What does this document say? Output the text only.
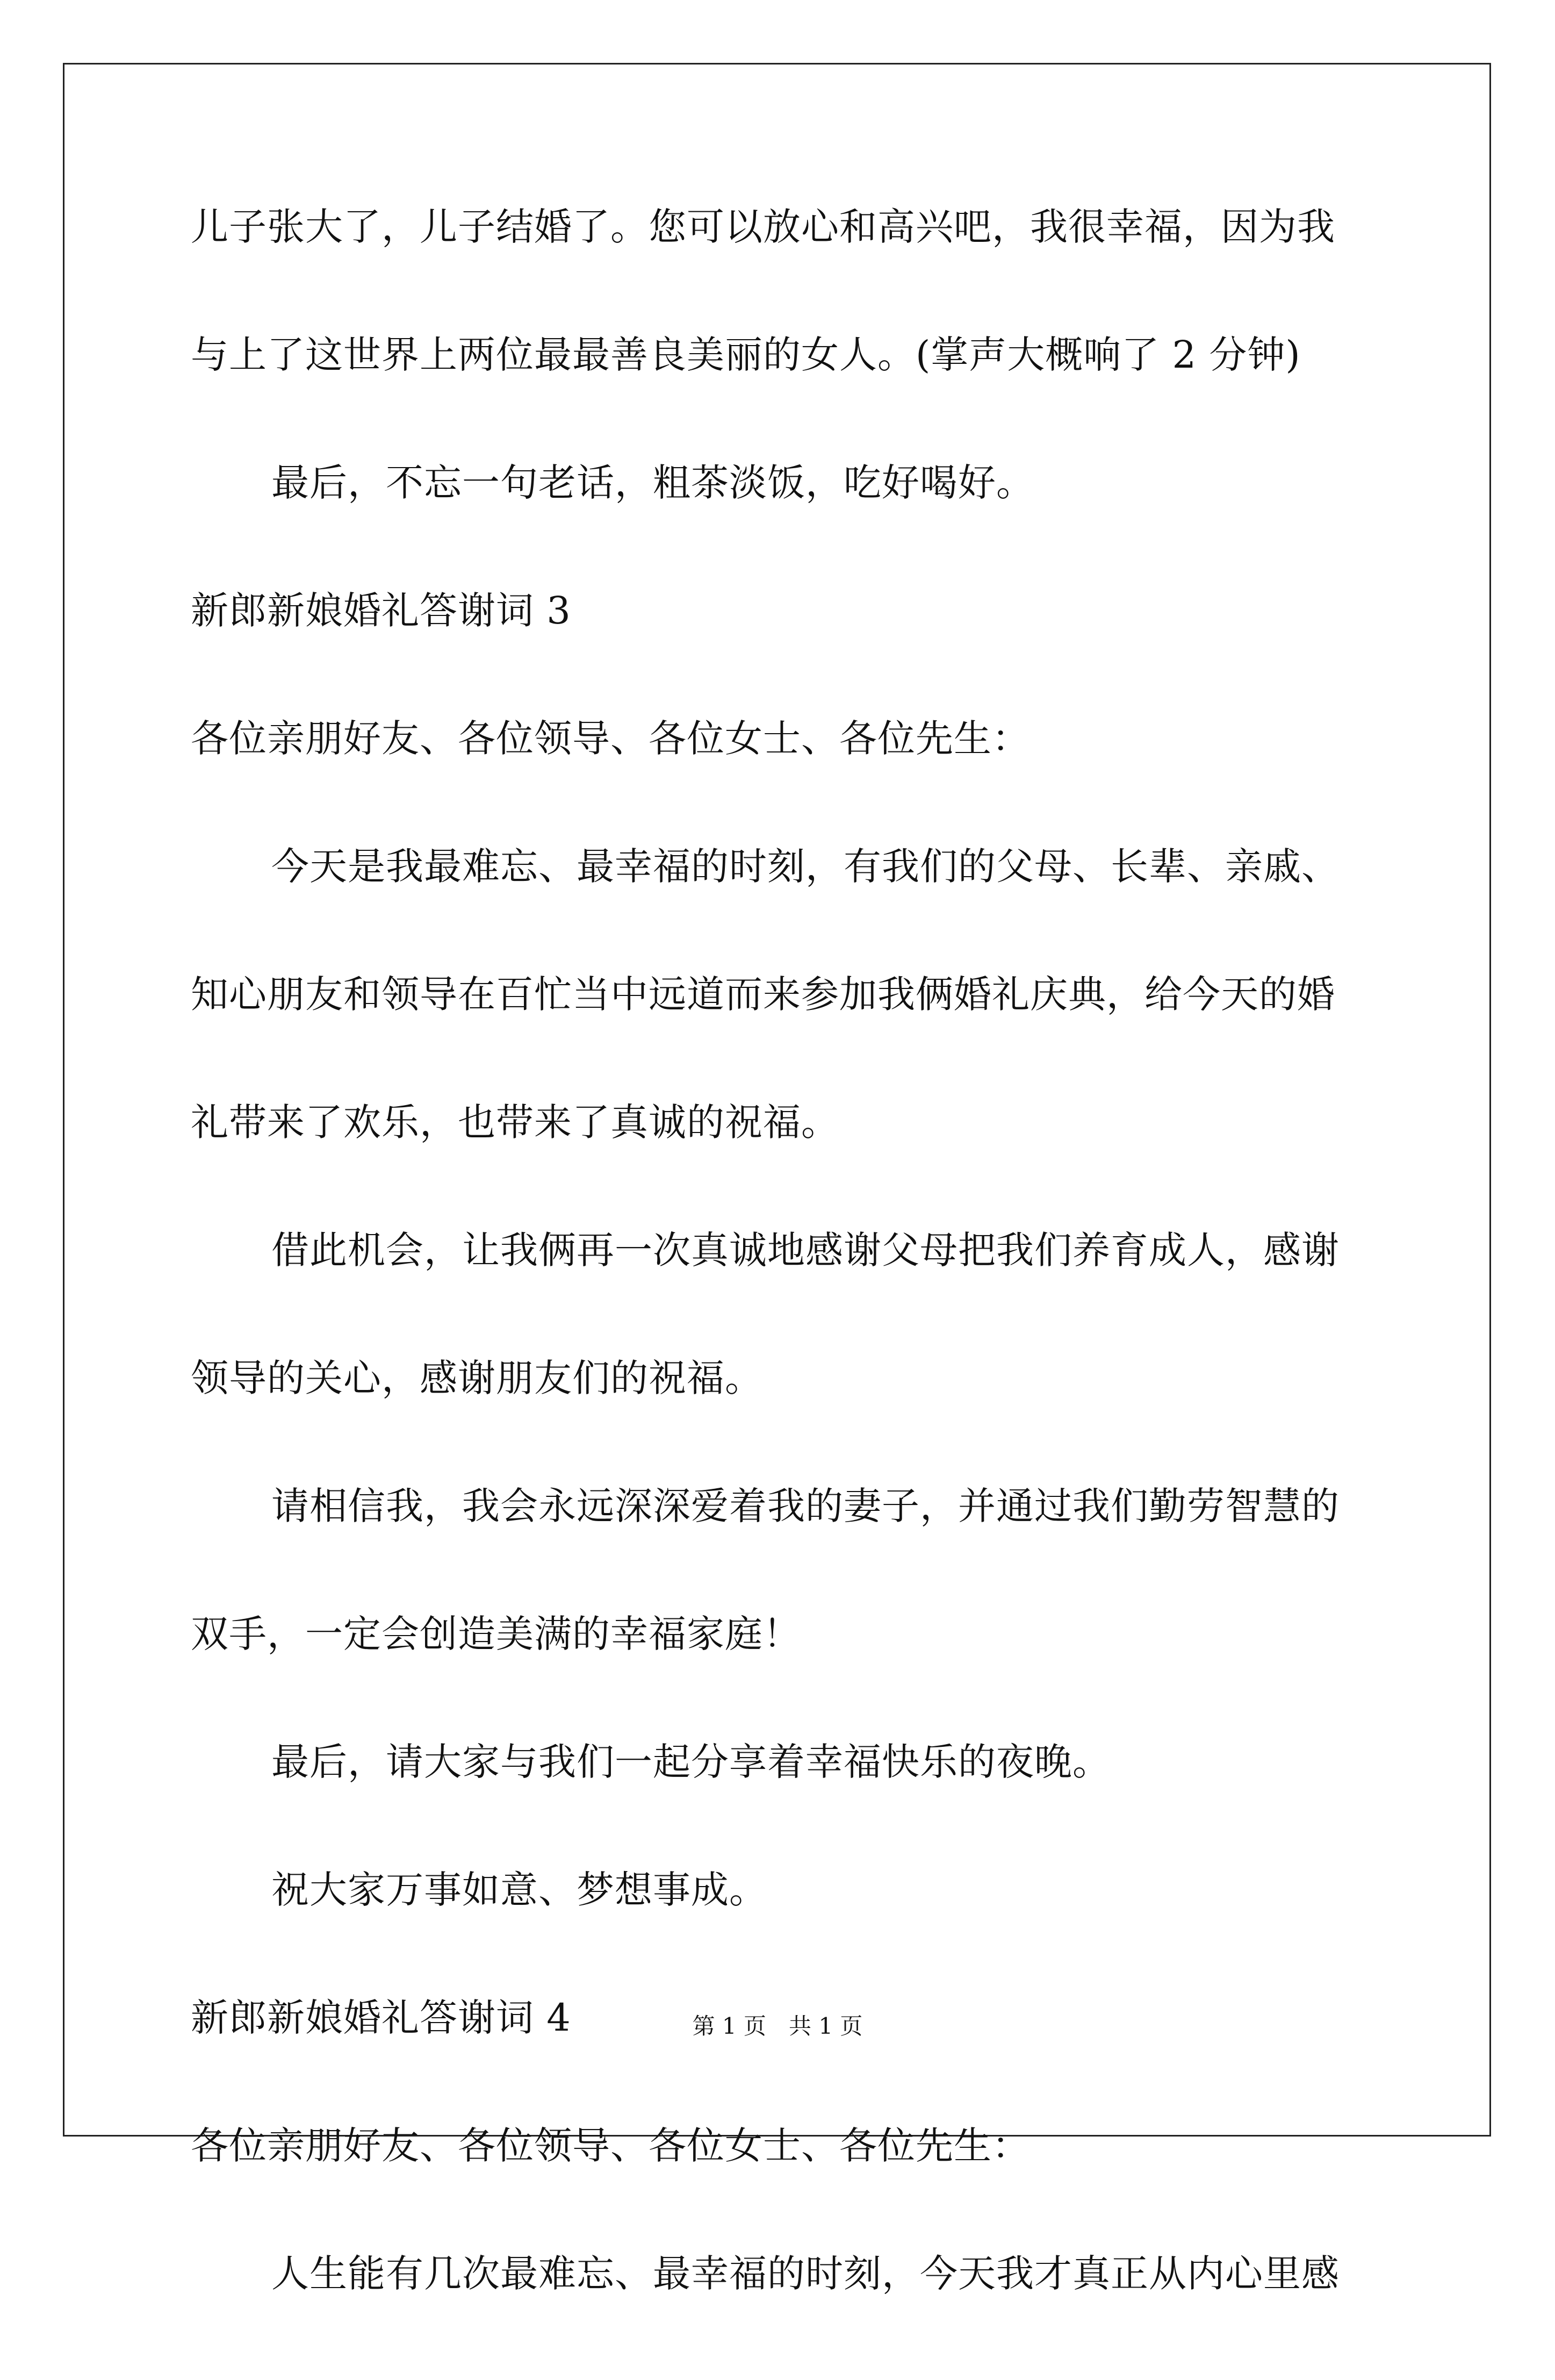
儿子张大了，儿子结婚了。您可以放心和高兴吧，我很幸福，因为我

与上了这世界上两位最最善良美丽的女人。(掌声大概响了 2 分钟)

最后，不忘一句老话，粗茶淡饭，吃好喝好。

新郎新娘婚礼答谢词 3

各位亲朋好友、各位领导、各位女士、各位先生：

今天是我最难忘、最幸福的时刻，有我们的父母、长辈、亲戚、

知心朋友和领导在百忙当中远道而来参加我俩婚礼庆典，给今天的婚

礼带来了欢乐，也带来了真诚的祝福。

借此机会，让我俩再一次真诚地感谢父母把我们养育成人，感谢

领导的关心，感谢朋友们的祝福。

请相信我，我会永远深深爱着我的妻子，并通过我们勤劳智慧的

双手，一定会创造美满的幸福家庭！

最后，请大家与我们一起分享着幸福快乐的夜晚。

祝大家万事如意、梦想事成。

新郎新娘婚礼答谢词 4

各位亲朋好友、各位领导、各位女士、各位先生：

人生能有几次最难忘、最幸福的时刻，今天我才真正从内心里感

第 1 页　共 1 页
